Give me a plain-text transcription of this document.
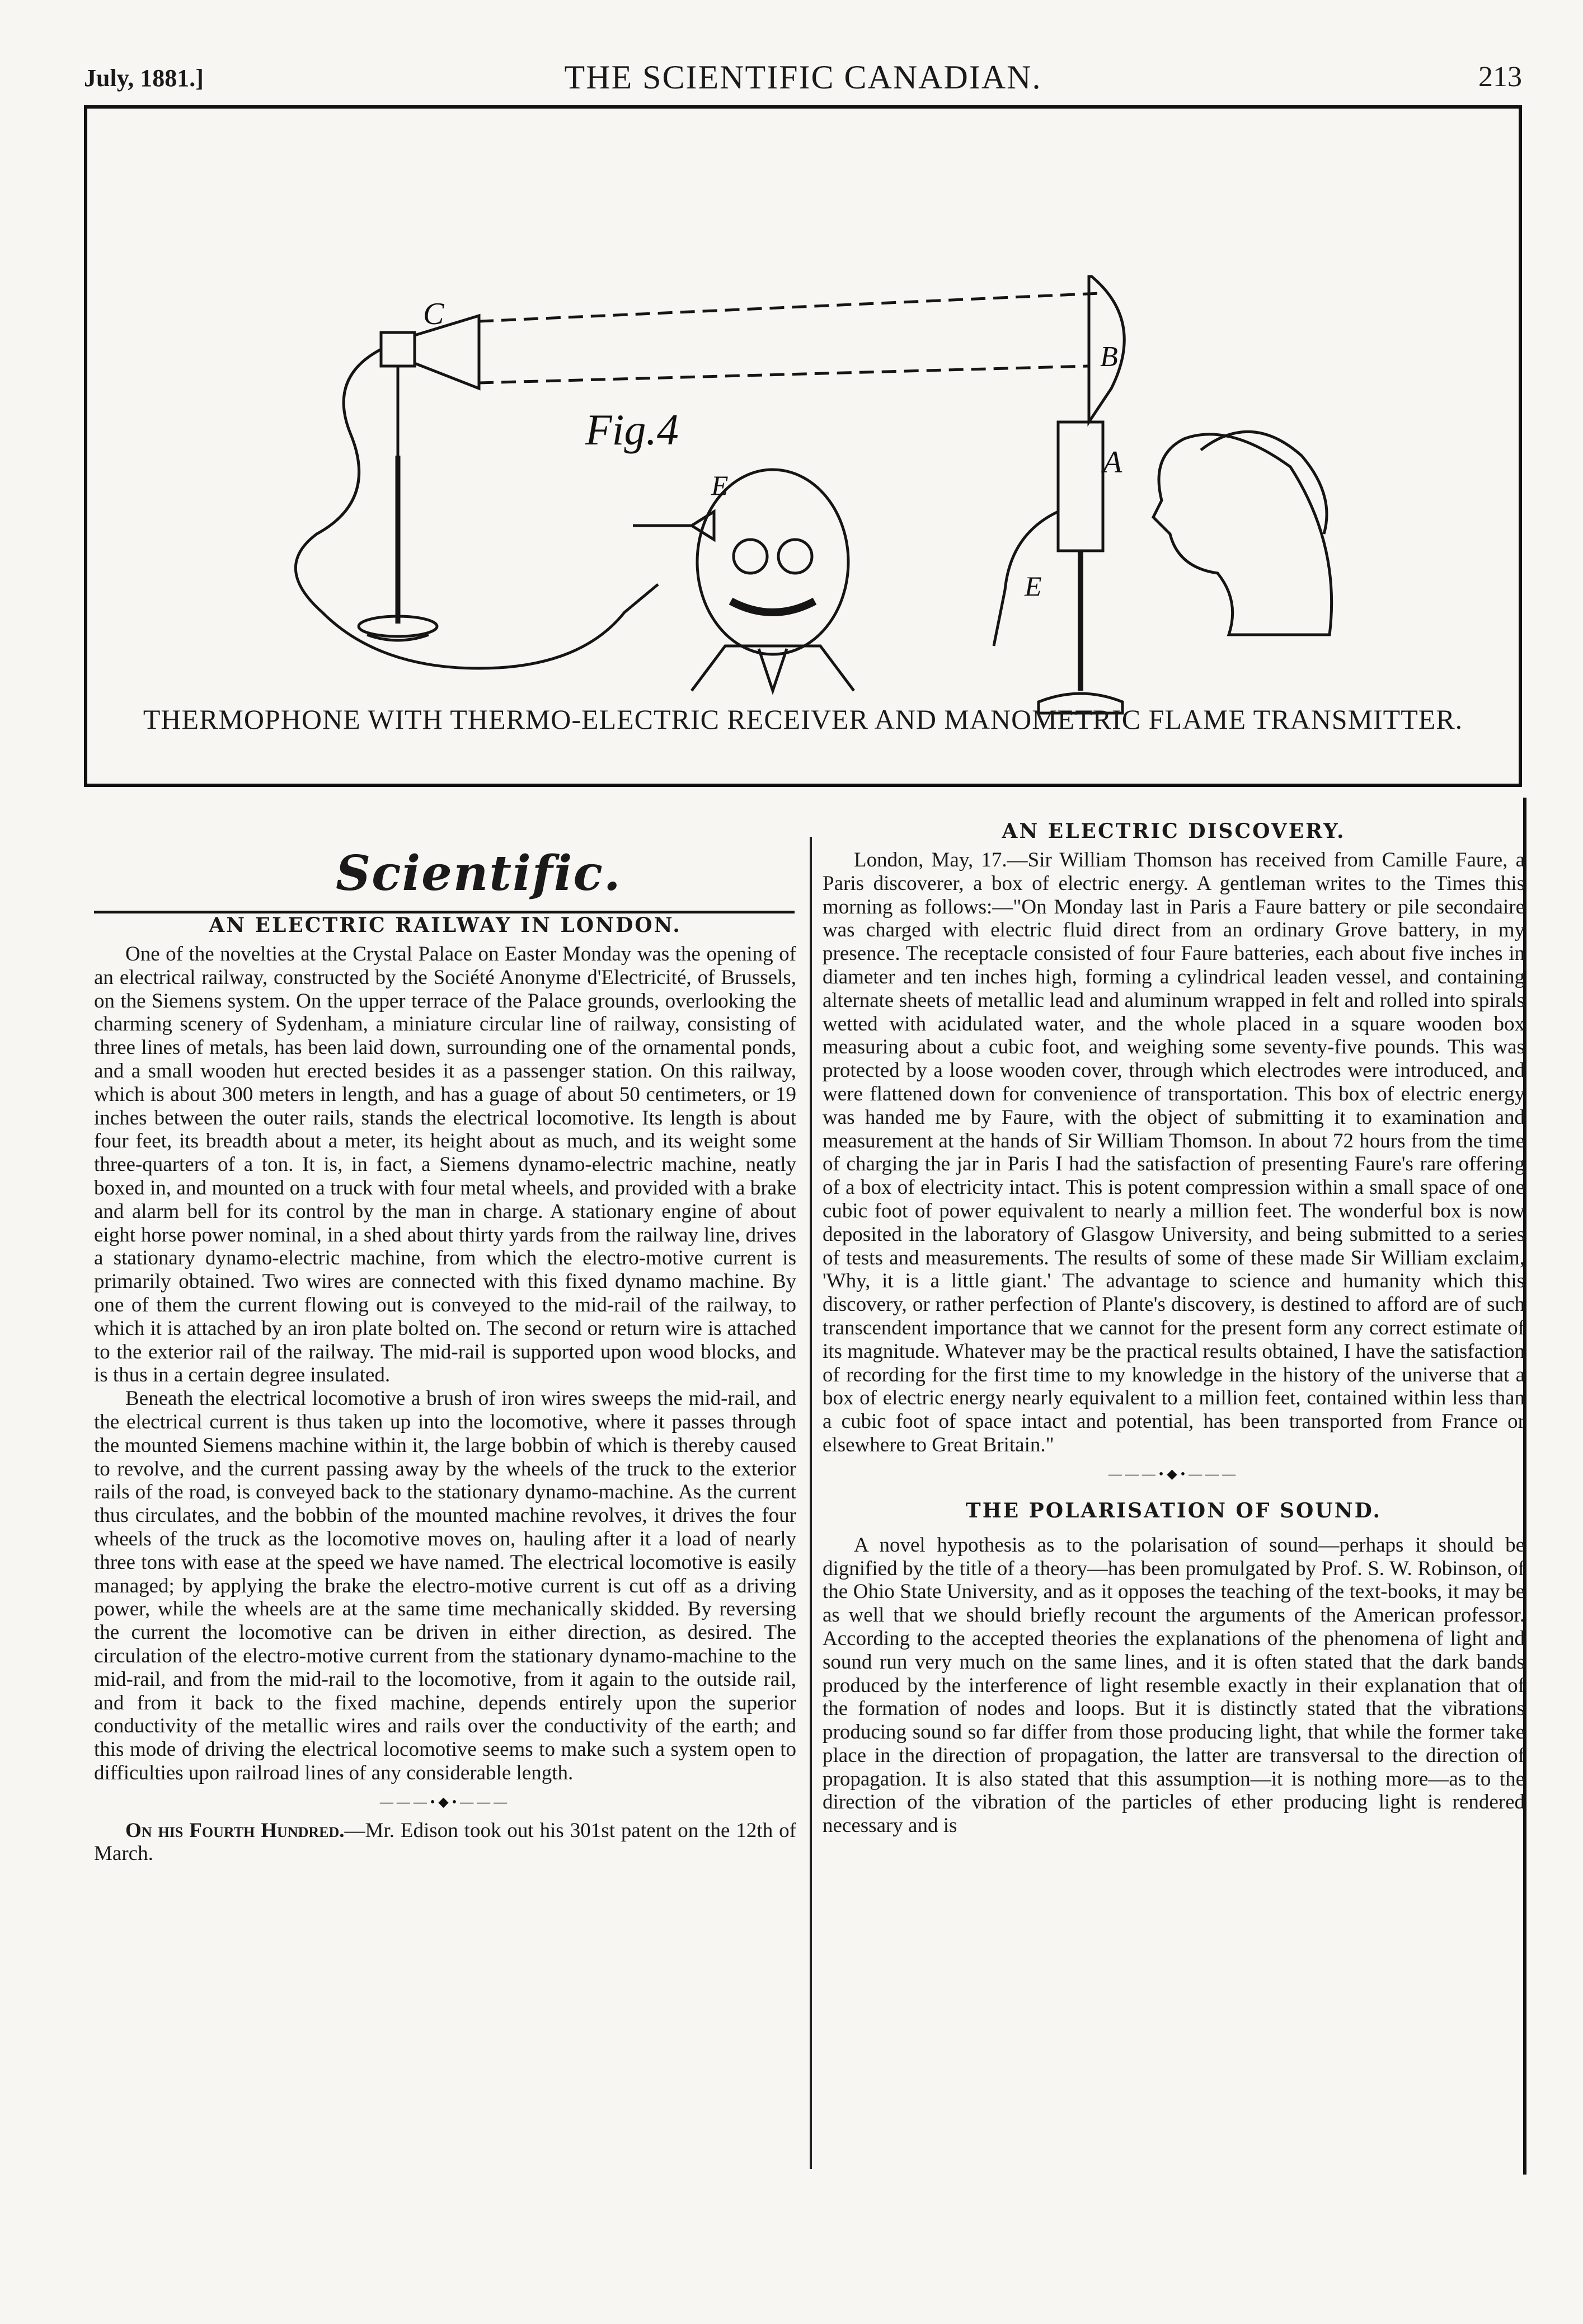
July, 1881.]	THE SCIENTIFIC CANADIAN.	213
C
Fig.4
B
A
E
E
THERMOPHONE WITH THERMO-ELECTRIC RECEIVER AND MANOMETRIC FLAME TRANSMITTER.
Scientific.

AN ELECTRIC RAILWAY IN LONDON.

One of the novelties at the Crystal Palace on Easter Monday was the opening of an electrical railway, constructed by the Société Anonyme d'Electricité, of Brussels, on the Siemens system. On the upper terrace of the Palace grounds, overlooking the charming scenery of Sydenham, a miniature circular line of railway, consisting of three lines of metals, has been laid down, surrounding one of the ornamental ponds, and a small wooden hut erected besides it as a passenger station. On this railway, which is about 300 meters in length, and has a guage of about 50 centimeters, or 19 inches between the outer rails, stands the electrical locomotive. Its length is about four feet, its breadth about a meter, its height about as much, and its weight some three-quarters of a ton. It is, in fact, a Siemens dynamo-electric machine, neatly boxed in, and mounted on a truck with four metal wheels, and provided with a brake and alarm bell for its control by the man in charge. A stationary engine of about eight horse power nominal, in a shed about thirty yards from the railway line, drives a stationary dynamo-electric machine, from which the electro-motive current is primarily obtained. Two wires are connected with this fixed dynamo machine. By one of them the current flowing out is conveyed to the mid-rail of the railway, to which it is attached by an iron plate bolted on. The second or return wire is attached to the exterior rail of the railway. The mid-rail is supported upon wood blocks, and is thus in a certain degree insulated.

Beneath the electrical locomotive a brush of iron wires sweeps the mid-rail, and the electrical current is thus taken up into the locomotive, where it passes through the mounted Siemens machine within it, the large bobbin of which is thereby caused to revolve, and the current passing away by the wheels of the truck to the exterior rails of the road, is conveyed back to the stationary dynamo-machine. As the current thus circulates, and the bobbin of the mounted machine revolves, it drives the four wheels of the truck as the locomotive moves on, hauling after it a load of nearly three tons with ease at the speed we have named. The electrical locomotive is easily managed; by applying the brake the electro-motive current is cut off as a driving power, while the wheels are at the same time mechanically skidded. By reversing the current the locomotive can be driven in either direction, as desired. The circulation of the electro-motive current from the stationary dynamo-machine to the mid-rail, and from the mid-rail to the locomotive, from it again to the outside rail, and from it back to the fixed machine, depends entirely upon the superior conductivity of the metallic wires and rails over the conductivity of the earth; and this mode of driving the electrical locomotive seems to make such a system open to difficulties upon railroad lines of any considerable length.

———•◆•———

On his Fourth Hundred.—Mr. Edison took out his 301st patent on the 12th of March.

AN ELECTRIC DISCOVERY.

London, May, 17.—Sir William Thomson has received from Camille Faure, a Paris discoverer, a box of electric energy. A gentleman writes to the Times this morning as follows:—"On Monday last in Paris a Faure battery or pile secondaire was charged with electric fluid direct from an ordinary Grove battery, in my presence. The receptacle consisted of four Faure batteries, each about five inches in diameter and ten inches high, forming a cylindrical leaden vessel, and containing alternate sheets of metallic lead and aluminum wrapped in felt and rolled into spirals wetted with acidulated water, and the whole placed in a square wooden box measuring about a cubic foot, and weighing some seventy-five pounds. This was protected by a loose wooden cover, through which electrodes were introduced, and were flattened down for convenience of transportation. This box of electric energy was handed me by Faure, with the object of submitting it to examination and measurement at the hands of Sir William Thomson. In about 72 hours from the time of charging the jar in Paris I had the satisfaction of presenting Faure's rare offering of a box of electricity intact. This is potent compression within a small space of one cubic foot of power equivalent to nearly a million feet. The wonderful box is now deposited in the laboratory of Glasgow University, and being submitted to a series of tests and measurements. The results of some of these made Sir William exclaim, 'Why, it is a little giant.' The advantage to science and humanity which this discovery, or rather perfection of Plante's discovery, is destined to afford are of such transcendent importance that we cannot for the present form any correct estimate of its magnitude. Whatever may be the practical results obtained, I have the satisfaction of recording for the first time to my knowledge in the history of the universe that a box of electric energy nearly equivalent to a million feet, contained within less than a cubic foot of space intact and potential, has been transported from France or elsewhere to Great Britain."

———•◆•———

THE POLARISATION OF SOUND.

A novel hypothesis as to the polarisation of sound—perhaps it should be dignified by the title of a theory—has been promulgated by Prof. S. W. Robinson, of the Ohio State University, and as it opposes the teaching of the text-books, it may be as well that we should briefly recount the arguments of the American professor. According to the accepted theories the explanations of the phenomena of light and sound run very much on the same lines, and it is often stated that the dark bands produced by the interference of light resemble exactly in their explanation that of the formation of nodes and loops. But it is distinctly stated that the vibrations producing sound so far differ from those producing light, that while the former take place in the direction of propagation, the latter are transversal to the direction of propagation. It is also stated that this assumption—it is nothing more—as to the direction of the vibration of the particles of ether producing light is rendered necessary and is
